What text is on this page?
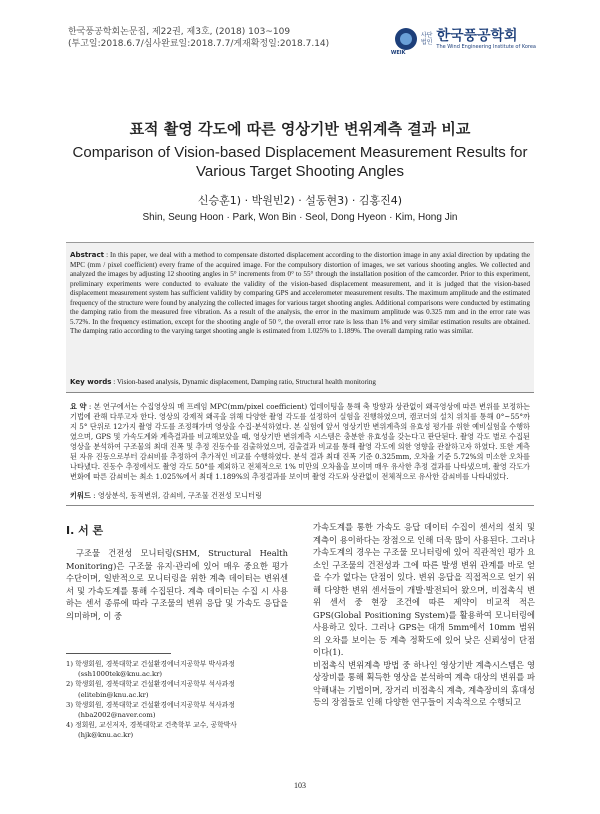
한국풍공학회논문집, 제22권, 제3호, (2018) 103~109
(투고일:2018.6.7/심사완료일:2018.7.7/게재확정일:2018.7.14)
WEIK
사단
법인 한국풍공학회
The Wind Engineering Institute of Korea
표적 촬영 각도에 따른 영상기반 변위계측 결과 비교
Comparison of Vision-based Displacement Measurement Results for
Various Target Shooting Angles
신승훈1) · 박원빈2) · 설동현3) · 김홍진4)
Shin, Seung Hoon · Park, Won Bin · Seol, Dong Hyeon · Kim, Hong Jin
Abstract : In this paper, we deal with a method to compensate distorted displacement according to the distortion image in any axial direction by updating the MPC (mm / pixel coefficient) every frame of the acquired image. For the compulsory distortion of images, we set various shooting angles. We collected and analyzed the images by adjusting 12 shooting angles in 5° increments from 0° to 55° through the installation position of the camcorder. Prior to this experiment, preliminary experiments were conducted to evaluate the validity of the vision-based displacement measurement, and it is judged that the vision-based displacement measurement system has sufficient validity by comparing GPS and accelerometer measurement results. The maximum amplitude and the estimated frequency of the structure were found by analyzing the collected images for various target shooting angles. Additional comparisons were conducted by estimating the damping ratio from the measured free vibration. As a result of the analysis, the error in the maximum amplitude was 0.325 mm and in the error rate was 5.72%. In the frequency estimation, except for the shooting angle of 50 °, the overall error rate is less than 1% and very similar estimation results are obtained. The damping ratio according to the varying target shooting angle is estimated from 1.025% to 1.189%. The overall damping ratio was similar.
Key words : Vision-based analysis, Dynamic displacement, Damping ratio, Structural health monitoring
요 약 : 본 연구에서는 수집영상의 매 프레임 MPC(mm/pixel coefficient) 업데이팅을 통해 축 방향과 상관없이 왜곡영상에 따른 변위를 보정하는 기법에 관해 다루고자 한다. 영상의 강제적 왜곡을 위해 다양한 촬영 각도를 설정하여 실험을 진행하였으며, 캠코더의 설치 위치를 통해 0°~55°까지 5° 단위로 12가지 촬영 각도를 조정해가며 영상을 수집·분석하였다. 본 실험에 앞서 영상기반 변위계측의 유효성 평가를 위한 예비실험을 수행하였으며, GPS 및 가속도계와 계측결과를 비교해보았을 때, 영상기반 변위계측 시스템은 충분한 유효성을 갖는다고 판단된다. 촬영 각도 별로 수집된 영상을 분석하여 구조물의 최대 진폭 및 추정 진동수를 검출하였으며, 검출결과 비교를 통해 촬영 각도에 의한 영향을 관찰하고자 하였다. 또한 계측된 자유 진동으로부터 감쇠비를 추정하여 추가적인 비교를 수행하였다. 분석 결과 최대 진폭 기준 0.325mm, 오차율 기준 5.72%의 미소한 오차를 나타냈다. 진동수 추정에서도 촬영 각도 50°를 제외하고 전체적으로 1% 미만의 오차율을 보이며 매우 유사한 추정 결과를 나타냈으며, 촬영 각도가 변화에 따른 감쇠비는 최소 1.025%에서 최대 1.189%의 추정결과를 보이며 촬영 각도와 상관없이 전체적으로 유사한 감쇠비를 나타내었다.
키워드 : 영상분석, 동적변위, 감쇠비, 구조물 건전성 모니터링
I. 서 론
구조물 건전성 모니터링(SHM, Structural Health Monitoring)은 구조물 유지·관리에 있어 매우 중요한 평가 수단이며, 일반적으로 모니터링을 위한 계측 데이터는 변위센서 및 가속도계를 통해 수집된다. 계측 데이터는 수집 시 사용하는 센서 종류에 따라 구조물의 변위 응답 및 가속도 응답을 의미하며, 이 중
가속도계를 통한 가속도 응답 데이터 수집이 센서의 설치 및 계측이 용이하다는 장점으로 인해 더욱 많이 사용된다. 그러나 가속도계의 경우는 구조물 모니터링에 있어 직관적인 평가 요소인 구조물의 건전성과 그에 따른 발생 변위 관계를 바로 얻을 수가 없다는 단점이 있다. 변위 응답을 직접적으로 얻기 위해 다양한 변위 센서들이 개발·발전되어 왔으며, 비접촉식 변위 센서 중 현장 조건에 따른 제약이 비교적 적은 GPS(Global Positioning System)를 활용하여 모니터링에 사용하고 있다. 그러나 GPS는 대개 5mm에서 10mm 범위의 오차를 보이는 등 계측 정확도에 있어 낮은 신뢰성이 단점이다(1).
비접촉식 변위계측 방법 중 하나인 영상기반 계측시스템은 영상장비를 통해 획득한 영상을 분석하여 계측 대상의 변위를 파악해내는 기법이며, 장거리 비접촉식 계측, 계측장비의 휴대성 등의 장점들로 인해 다양한 연구들이 지속적으로 수행되고
1) 학생회원, 경북대학교 건설환경에너지공학부 박사과정
(ssh1000tek@knu.ac.kr)
2) 학생회원, 경북대학교 건설환경에너지공학부 석사과정
(elitebin@knu.ac.kr)
3) 학생회원, 경북대학교 건설환경에너지공학부 석사과정
(hba2002@naver.com)
4) 정회원, 교신저자, 경북대학교 건축학부 교수, 공학박사
(hjk@knu.ac.kr)
103
